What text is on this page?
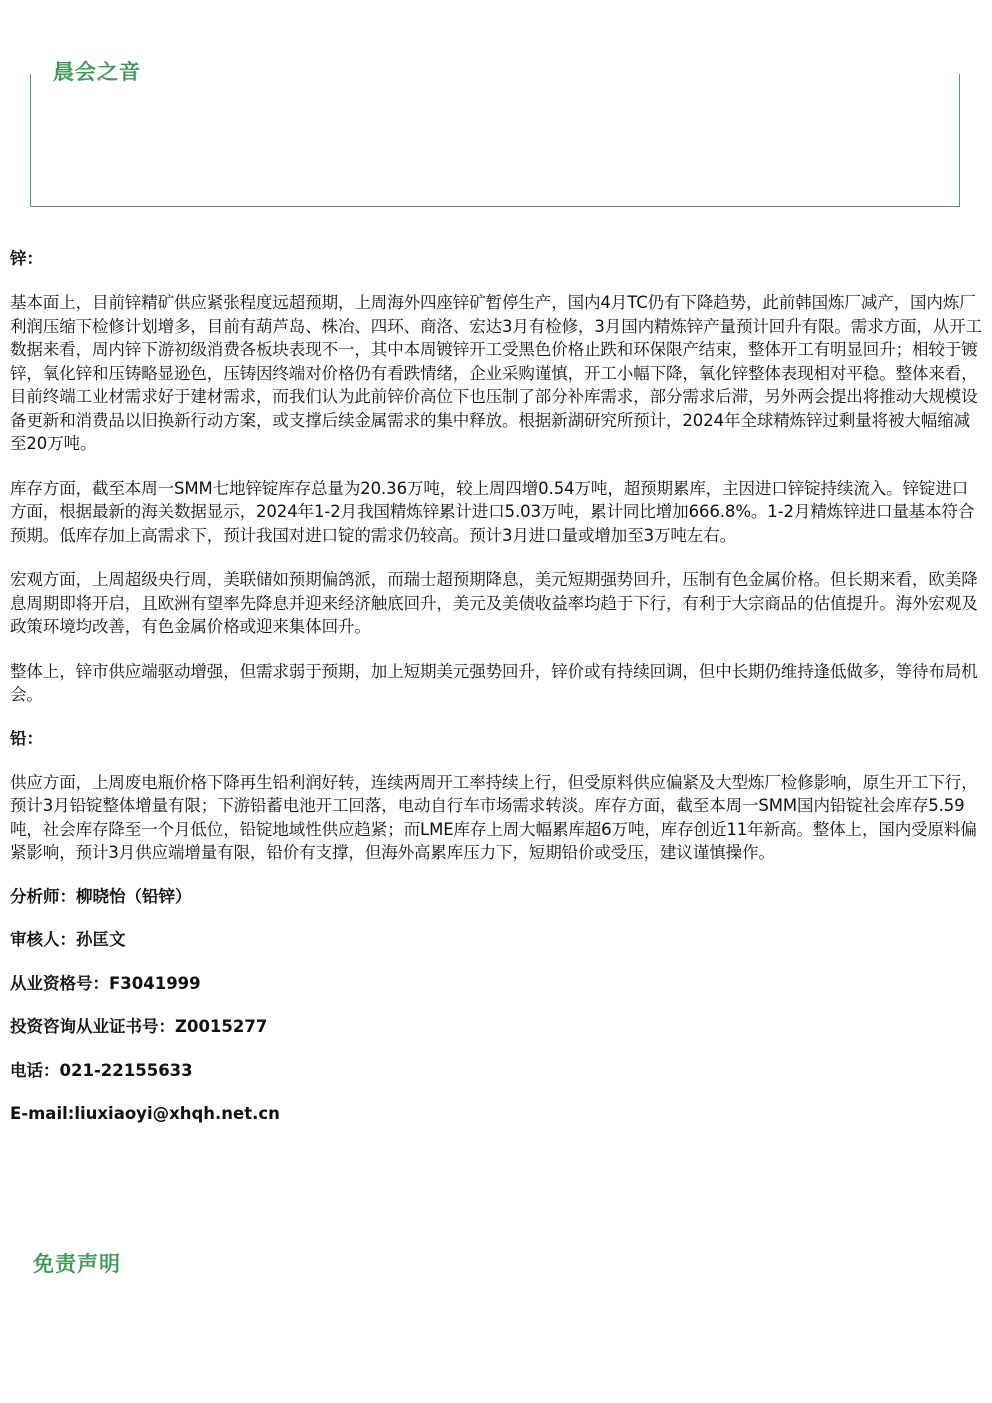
晨会之音

锌：

基本面上，目前锌精矿供应紧张程度远超预期，上周海外四座锌矿暂停生产，国内4月TC仍有下降趋势，此前韩国炼厂减产，国内炼厂利润压缩下检修计划增多，目前有葫芦岛、株冶、四环、商洛、宏达3月有检修，3月国内精炼锌产量预计回升有限。需求方面，从开工数据来看，周内锌下游初级消费各板块表现不一，其中本周镀锌开工受黑色价格止跌和环保限产结束，整体开工有明显回升；相较于镀锌，氧化锌和压铸略显逊色，压铸因终端对价格仍有看跌情绪，企业采购谨慎，开工小幅下降，氧化锌整体表现相对平稳。整体来看，目前终端工业材需求好于建材需求，而我们认为此前锌价高位下也压制了部分补库需求，部分需求后滞，另外两会提出将推动大规模设备更新和消费品以旧换新行动方案，或支撑后续金属需求的集中释放。根据新湖研究所预计，2024年全球精炼锌过剩量将被大幅缩减至20万吨。

库存方面，截至本周一SMM七地锌锭库存总量为20.36万吨，较上周四增0.54万吨，超预期累库，主因进口锌锭持续流入。锌锭进口方面，根据最新的海关数据显示，2024年1-2月我国精炼锌累计进口5.03万吨，累计同比增加666.8%。1-2月精炼锌进口量基本符合预期。低库存加上高需求下，预计我国对进口锭的需求仍较高。预计3月进口量或增加至3万吨左右。

宏观方面，上周超级央行周，美联储如预期偏鸽派，而瑞士超预期降息，美元短期强势回升，压制有色金属价格。但长期来看，欧美降息周期即将开启，且欧洲有望率先降息并迎来经济触底回升，美元及美债收益率均趋于下行，有利于大宗商品的估值提升。海外宏观及政策环境均改善，有色金属价格或迎来集体回升。

整体上，锌市供应端驱动增强，但需求弱于预期，加上短期美元强势回升，锌价或有持续回调，但中长期仍维持逢低做多，等待布局机会。

铅：

供应方面，上周废电瓶价格下降再生铅利润好转，连续两周开工率持续上行，但受原料供应偏紧及大型炼厂检修影响，原生开工下行，预计3月铅锭整体增量有限；下游铅蓄电池开工回落，电动自行车市场需求转淡。库存方面，截至本周一SMM国内铅锭社会库存5.59吨，社会库存降至一个月低位，铅锭地域性供应趋紧；而LME库存上周大幅累库超6万吨，库存创近11年新高。整体上，国内受原料偏紧影响，预计3月供应端增量有限，铅价有支撑，但海外高累库压力下，短期铅价或受压，建议谨慎操作。

分析师：柳晓怡（铅锌）

审核人：孙匡文

从业资格号：F3041999

投资咨询从业证书号：Z0015277

电话：021-22155633

E-mail:liuxiaoyi@xhqh.net.cn

免责声明
